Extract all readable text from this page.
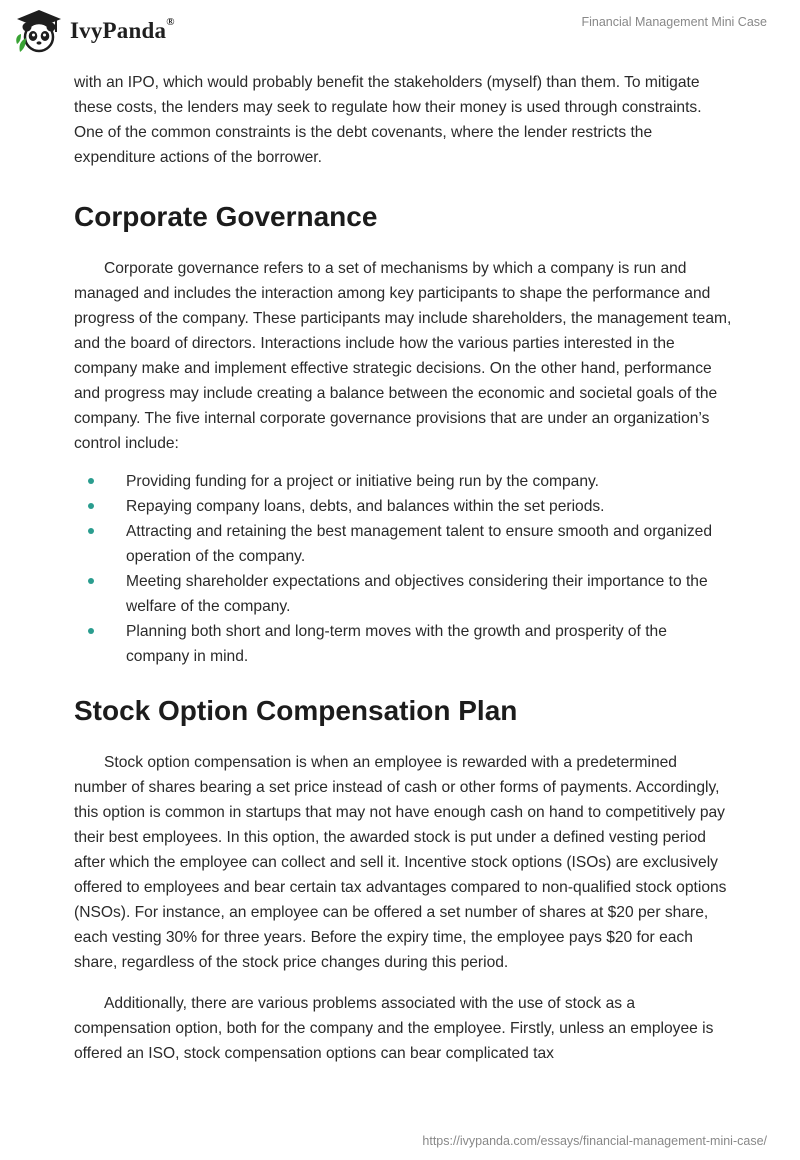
IvyPanda®	Financial Management Mini Case

with an IPO, which would probably benefit the stakeholders (myself) than them. To mitigate these costs, the lenders may seek to regulate how their money is used through constraints. One of the common constraints is the debt covenants, where the lender restricts the expenditure actions of the borrower.

Corporate Governance

Corporate governance refers to a set of mechanisms by which a company is run and managed and includes the interaction among key participants to shape the performance and progress of the company. These participants may include shareholders, the management team, and the board of directors. Interactions include how the various parties interested in the company make and implement effective strategic decisions. On the other hand, performance and progress may include creating a balance between the economic and societal goals of the company. The five internal corporate governance provisions that are under an organization’s control include:

Providing funding for a project or initiative being run by the company.
Repaying company loans, debts, and balances within the set periods.
Attracting and retaining the best management talent to ensure smooth and organized operation of the company.
Meeting shareholder expectations and objectives considering their importance to the welfare of the company.
Planning both short and long-term moves with the growth and prosperity of the company in mind.
Stock Option Compensation Plan

Stock option compensation is when an employee is rewarded with a predetermined number of shares bearing a set price instead of cash or other forms of payments. Accordingly, this option is common in startups that may not have enough cash on hand to competitively pay their best employees. In this option, the awarded stock is put under a defined vesting period after which the employee can collect and sell it. Incentive stock options (ISOs) are exclusively offered to employees and bear certain tax advantages compared to non-qualified stock options (NSOs). For instance, an employee can be offered a set number of shares at $20 per share, each vesting 30% for three years. Before the expiry time, the employee pays $20 for each share, regardless of the stock price changes during this period.

Additionally, there are various problems associated with the use of stock as a compensation option, both for the company and the employee. Firstly, unless an employee is offered an ISO, stock compensation options can bear complicated tax

https://ivypanda.com/essays/financial-management-mini-case/
